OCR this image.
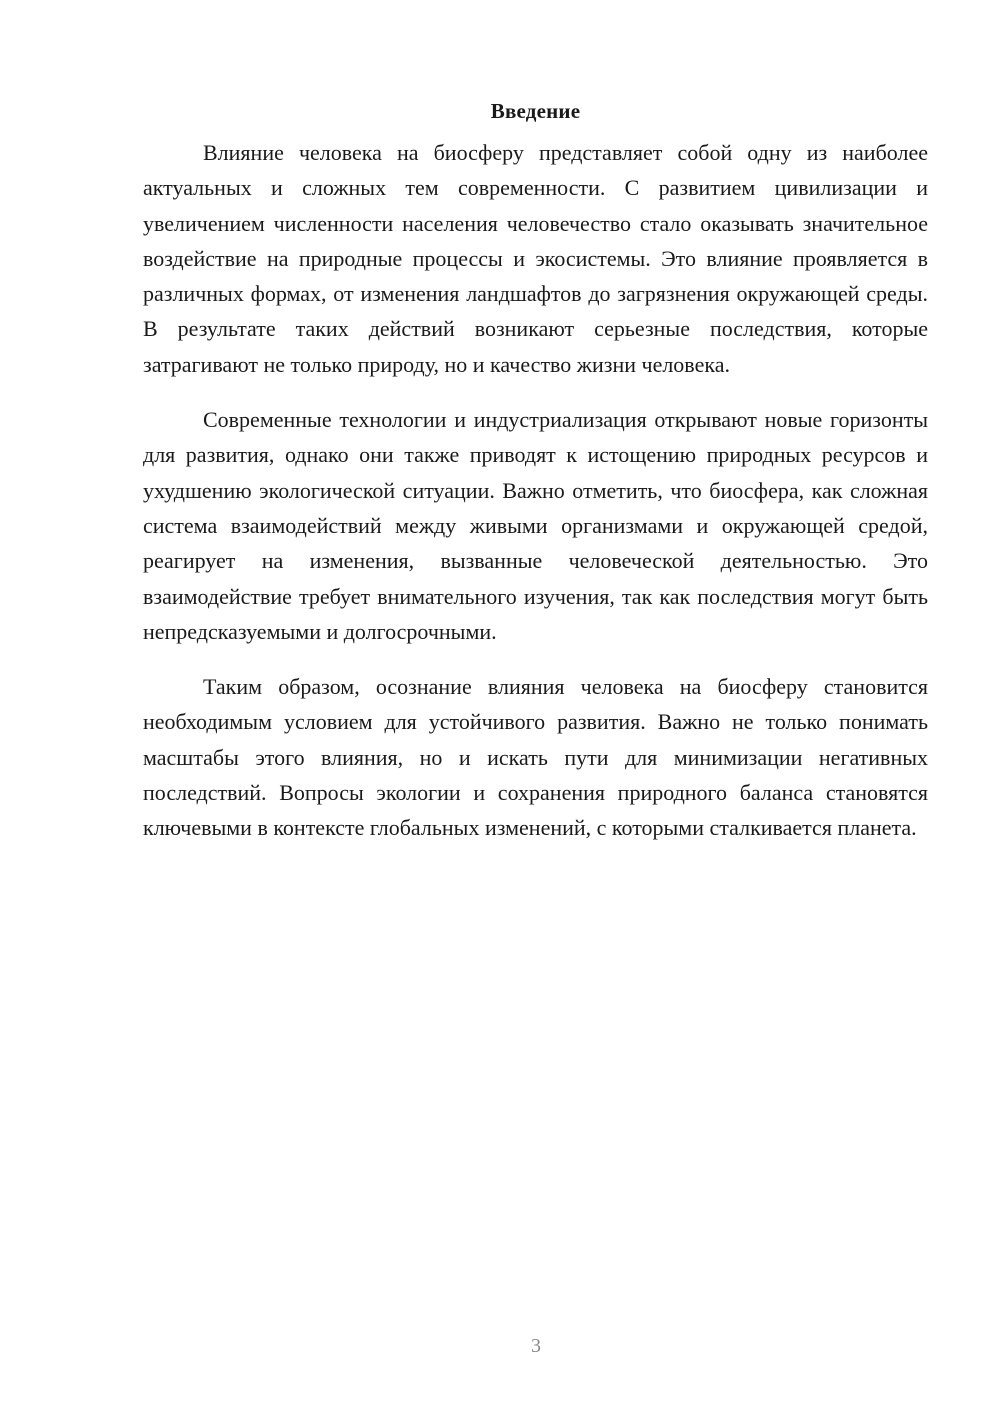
Введение

Влияние человека на биосферу представляет собой одну из наиболее актуальных и сложных тем современности. С развитием цивилизации и увеличением численности населения человечество стало оказывать значительное воздействие на природные процессы и экосистемы. Это влияние проявляется в различных формах, от изменения ландшафтов до загрязнения окружающей среды. В результате таких действий возникают серьезные последствия, которые затрагивают не только природу, но и качество жизни человека.

Современные технологии и индустриализация открывают новые горизонты для развития, однако они также приводят к истощению природных ресурсов и ухудшению экологической ситуации. Важно отметить, что биосфера, как сложная система взаимодействий между живыми организмами и окружающей средой, реагирует на изменения, вызванные человеческой деятельностью. Это взаимодействие требует внимательного изучения, так как последствия могут быть непредсказуемыми и долгосрочными.

Таким образом, осознание влияния человека на биосферу становится необходимым условием для устойчивого развития. Важно не только понимать масштабы этого влияния, но и искать пути для минимизации негативных последствий. Вопросы экологии и сохранения природного баланса становятся ключевыми в контексте глобальных изменений, с которыми сталкивается планета.

3
